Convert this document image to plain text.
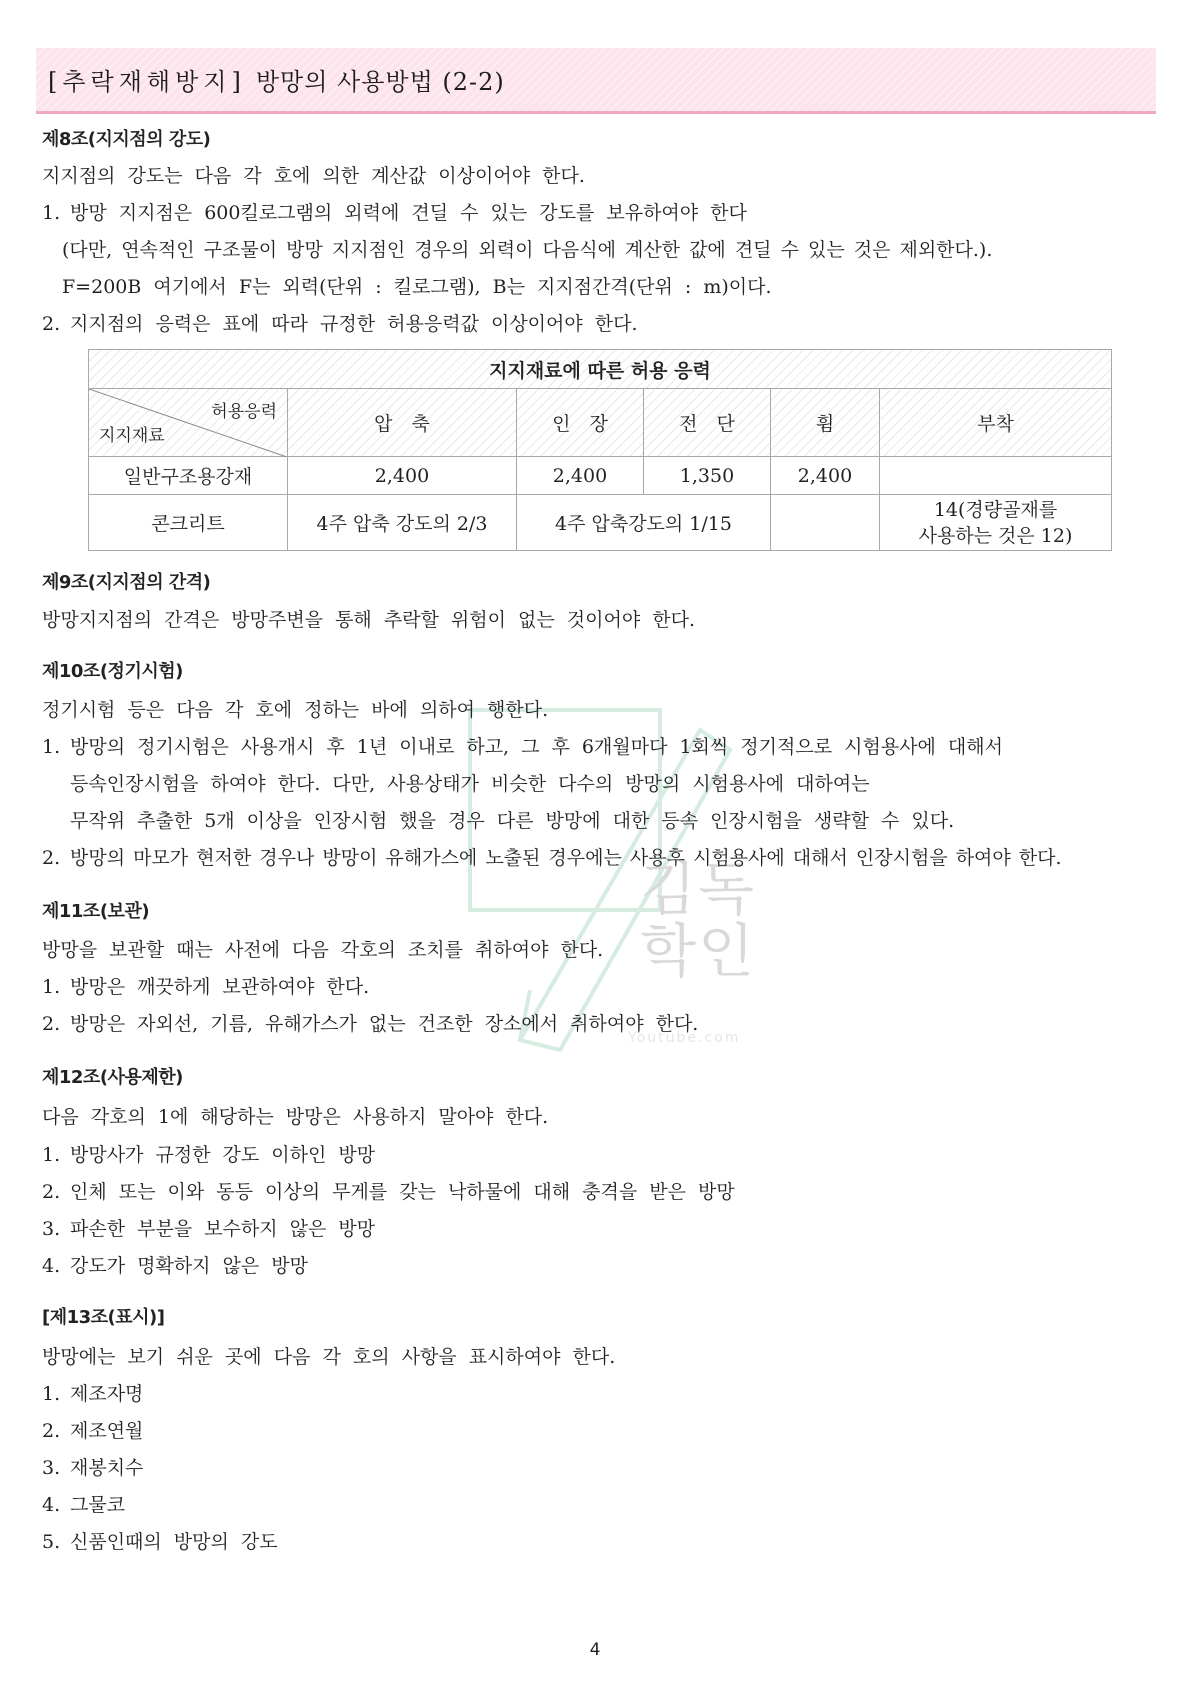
[추락재해방지] 방망의 사용방법 (2-2)
김독
학인
Youtube.com
제8조(지지점의 강도)
지지점의 강도는 다음 각 호에 의한 계산값 이상이어야 한다.
1. 방망 지지점은 600킬로그램의 외력에 견딜 수 있는 강도를 보유하여야 한다
(다만, 연속적인 구조물이 방망 지지점인 경우의 외력이 다음식에 계산한 값에 견딜 수 있는 것은 제외한다.).
F=200B 여기에서 F는 외력(단위 : 킬로그램), B는 지지점간격(단위 : m)이다.
2. 지지점의 응력은 표에 따라 규정한 허용응력값 이상이어야 한다.
지지재료에 따른 허용 응력					

허용응력
지지재료	압　축	인　장	전　단	휨	부착
일반구조용강재	2,400	2,400	1,350	2,400	
콘크리트	4주 압축 강도의 2/3	4주 압축강도의 1/15			14(경량골재를
사용하는 것은 12)
제9조(지지점의 간격)
방망지지점의 간격은 방망주변을 통해 추락할 위험이 없는 것이어야 한다.
제10조(정기시험)
정기시험 등은 다음 각 호에 정하는 바에 의하여 행한다.
1. 방망의 정기시험은 사용개시 후 1년 이내로 하고, 그 후 6개월마다 1회씩 정기적으로 시험용사에 대해서
등속인장시험을 하여야 한다. 다만, 사용상태가 비슷한 다수의 방망의 시험용사에 대하여는
무작위 추출한 5개 이상을 인장시험 했을 경우 다른 방망에 대한 등속 인장시험을 생략할 수 있다.
2. 방망의 마모가 현저한 경우나 방망이 유해가스에 노출된 경우에는 사용후 시험용사에 대해서 인장시험을 하여야 한다.
제11조(보관)
방망을 보관할 때는 사전에 다음 각호의 조치를 취하여야 한다.
1. 방망은 깨끗하게 보관하여야 한다.
2. 방망은 자외선, 기름, 유해가스가 없는 건조한 장소에서 취하여야 한다.
제12조(사용제한)
다음 각호의 1에 해당하는 방망은 사용하지 말아야 한다.
1. 방망사가 규정한 강도 이하인 방망
2. 인체 또는 이와 동등 이상의 무게를 갖는 낙하물에 대해 충격을 받은 방망
3. 파손한 부분을 보수하지 않은 방망
4. 강도가 명확하지 않은 방망
[제13조(표시)]
방망에는 보기 쉬운 곳에 다음 각 호의 사항을 표시하여야 한다.
1. 제조자명
2. 제조연월
3. 재봉치수
4. 그물코
5. 신품인때의 방망의 강도
4
